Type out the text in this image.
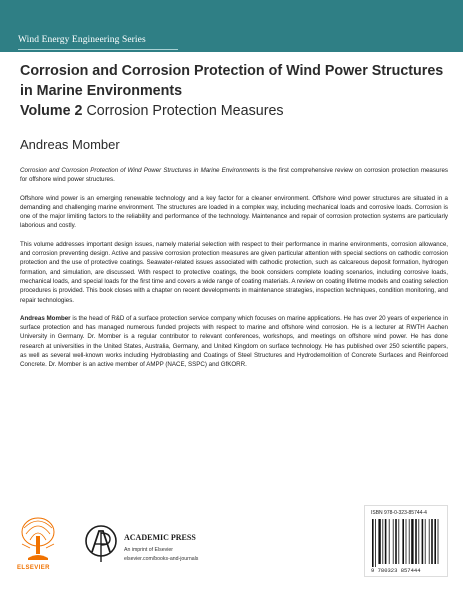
Wind Energy Engineering Series
Corrosion and Corrosion Protection of Wind Power Structures in Marine Environments
Volume 2 Corrosion Protection Measures
Andreas Momber

Corrosion and Corrosion Protection of Wind Power Structures in Marine Environments is the first comprehensive review on corrosion protection measures for offshore wind power structures.

Offshore wind power is an emerging renewable technology and a key factor for a cleaner environment. Offshore wind power structures are situated in a demanding and challenging marine environment. The structures are loaded in a complex way, including mechanical loads and corrosive loads. Corrosion is one of the major limiting factors to the reliability and performance of the technology. Maintenance and repair of corrosion protection systems are particularly laborious and costly.

This volume addresses important design issues, namely material selection with respect to their performance in marine environments, corrosion allowance, and corrosion preventing design. Active and passive corrosion protection measures are given particular attention with special sections on cathodic corrosion protection and the use of protective coatings. Seawater-related issues associated with cathodic protection, such as calcareous deposit formation, hydrogen formation, and simulation, are discussed. With respect to protective coatings, the book considers complete loading scenarios, including corrosive loads, mechanical loads, and special loads for the first time and covers a wide range of coating materials. A review on coating lifetime models and coating selection procedures is provided. This book closes with a chapter on recent developments in maintenance strategies, inspection techniques, condition monitoring, and repair technologies.

Andreas Momber is the head of R&D of a surface protection service company which focuses on marine applications. He has over 20 years of experience in surface protection and has managed numerous funded projects with respect to marine and offshore wind corrosion. He is a lecturer at RWTH Aachen University in Germany. Dr. Momber is a regular contributor to relevant conferences, workshops, and meetings on offshore wind power. He has done research at universities in the United States, Australia, Germany, and United Kingdom on surface technology. He has published over 250 scientific papers, as well as several well-known works including Hydroblasting and Coatings of Steel Structures and Hydrodemolition of Concrete Surfaces and Reinforced Concrete. Dr. Momber is an active member of AMPP (NACE, SSPC) and GfKORR.

ELSEVIER
ACADEMIC PRESS
An imprint of Elsevier
elsevier.com/books-and-journals
ISBN 978-0-323-85744-4
9 780323 857444
